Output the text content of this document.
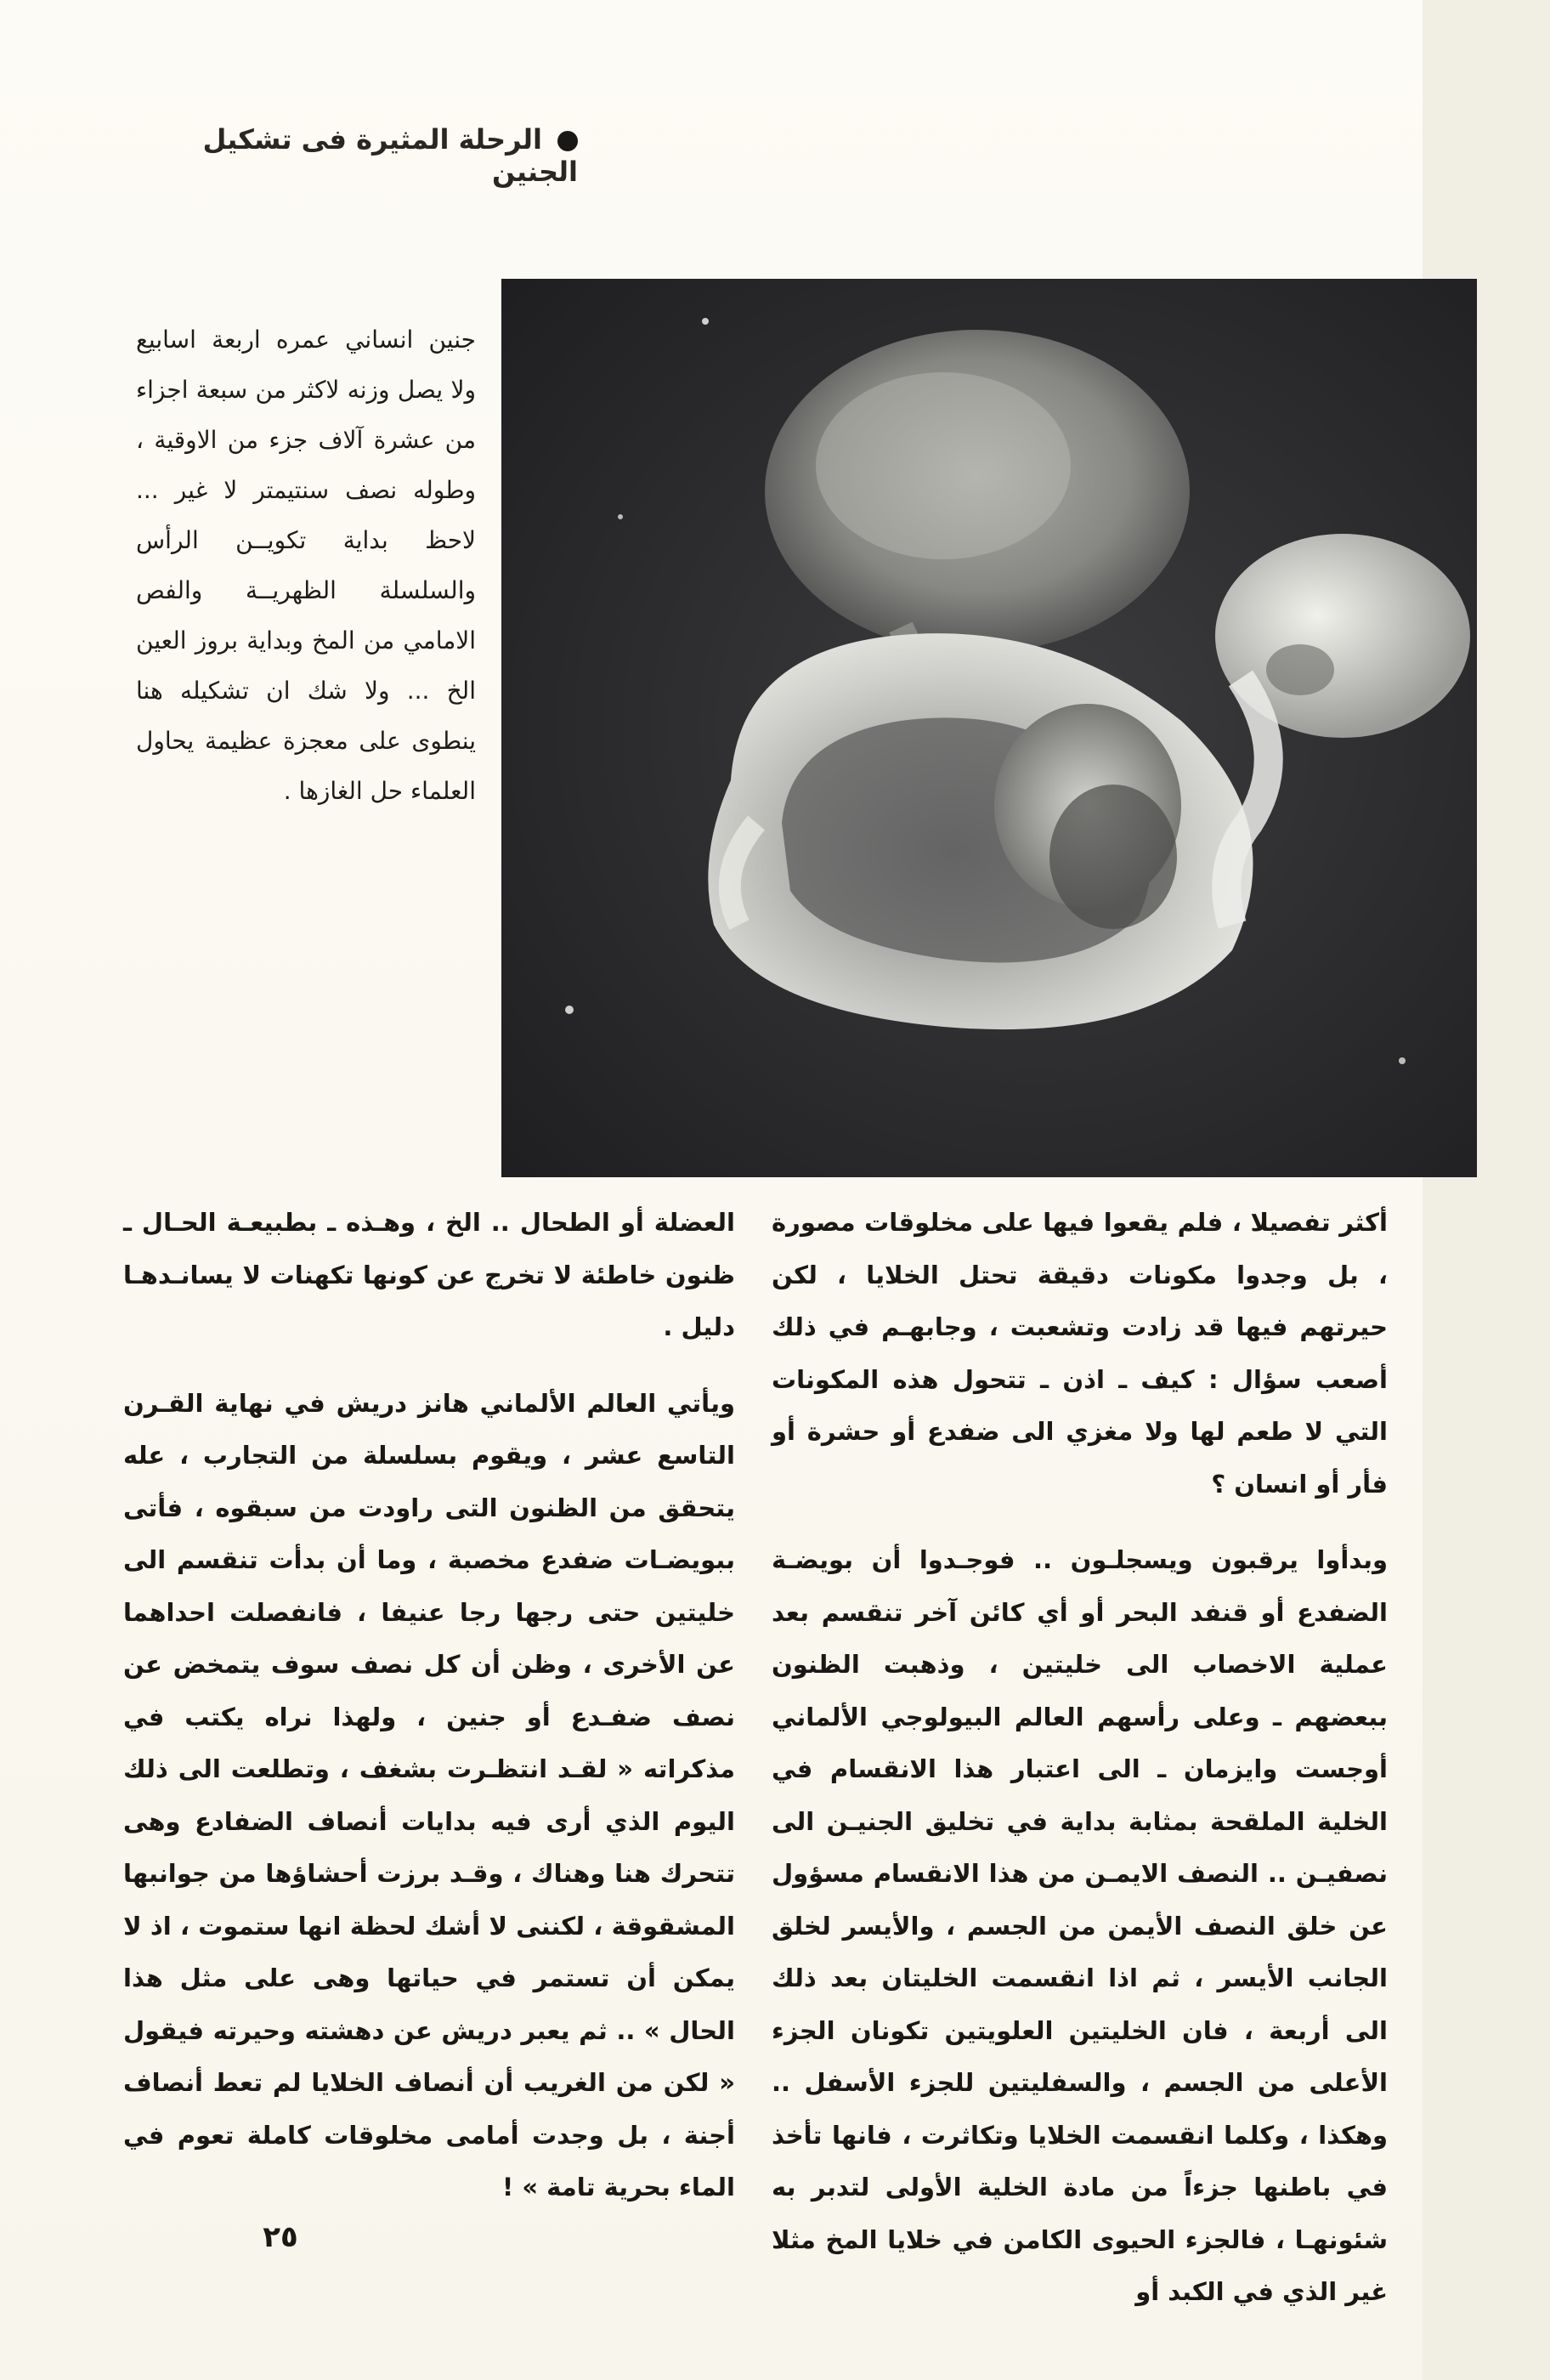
الرحلة المثيرة فى تشكيل الجنين
جنين انساني عمره اربعة اسابيع ولا يصل وزنه لاكثر من سبعة اجزاء من عشرة آلاف جزء من الاوقية ، وطوله نصف سنتيمتر لا غير ... لاحظ بداية تكويــن الرأس والسلسلة الظهريــة والفص الامامي من المخ وبداية بروز العين الخ ... ولا شك ان تشكيله هنا ينطوى على معجزة عظيمة يحاول العلماء حل الغازها .

أكثر تفصيلا ، فلم يقعوا فيها على مخلوقات مصورة ، بل وجدوا مكونات دقيقة تحتل الخلايا ، لكن حيرتهم فيها قد زادت وتشعبت ، وجابهـم في ذلك أصعب سؤال : كيف ـ اذن ـ تتحول هذه المكونات التي لا طعم لها ولا مغزي الى ضفدع أو حشرة أو فأر أو انسان ؟

وبدأوا يرقبون ويسجلـون .. فوجـدوا أن بويضـة الضفدع أو قنفد البحر أو أي كائن آخر تنقسم بعد عملية الاخصاب الى خليتين ، وذهبت الظنون ببعضهم ـ وعلى رأسهم العالم البيولوجي الألماني أوجست وايزمان ـ الى اعتبار هذا الانقسام في الخلية الملقحة بمثابة بداية في تخليق الجنيـن الى نصفيـن .. النصف الايمـن من هذا الانقسام مسؤول عن خلق النصف الأيمن من الجسم ، والأيسر لخلق الجانب الأيسر ، ثم اذا انقسمت الخليتان بعد ذلك الى أربعة ، فان الخليتين العلويتين تكونان الجزء الأعلى من الجسم ، والسفليتين للجزء الأسفل .. وهكذا ، وكلما انقسمت الخلايا وتكاثرت ، فانها تأخذ في باطنها جزءاً من مادة الخلية الأولى لتدبر به شئونهـا ، فالجزء الحيوى الكامن في خلايا المخ مثلا غير الذي في الكبد أو

العضلة أو الطحال .. الخ ، وهـذه ـ بطبيعـة الحـال ـ ظنون خاطئة لا تخرج عن كونها تكهنات لا يسانـدهـا دليل .

ويأتي العالم الألماني هانز دريش في نهاية القـرن التاسع عشر ، ويقوم بسلسلة من التجارب ، عله يتحقق من الظنون التى راودت من سبقوه ، فأتى ببويضـات ضفدع مخصبة ، وما أن بدأت تنقسم الى خليتين حتى رجها رجا عنيفا ، فانفصلت احداهما عن الأخرى ، وظن أن كل نصف سوف يتمخض عن نصف ضفـدع أو جنين ، ولهذا نراه يكتب في مذكراته « لقـد انتظـرت بشغف ، وتطلعت الى ذلك اليوم الذي أرى فيه بدايات أنصاف الضفادع وهى تتحرك هنا وهناك ، وقـد برزت أحشاؤها من جوانبها المشقوقة ، لكننى لا أشك لحظة انها ستموت ، اذ لا يمكن أن تستمر في حياتها وهى على مثل هذا الحال » .. ثم يعبر دريش عن دهشته وحيرته فيقول « لكن من الغريب أن أنصاف الخلايا لم تعط أنصاف أجنة ، بل وجدت أمامى مخلوقات كاملة تعوم في الماء بحرية تامة » !

٢٥
